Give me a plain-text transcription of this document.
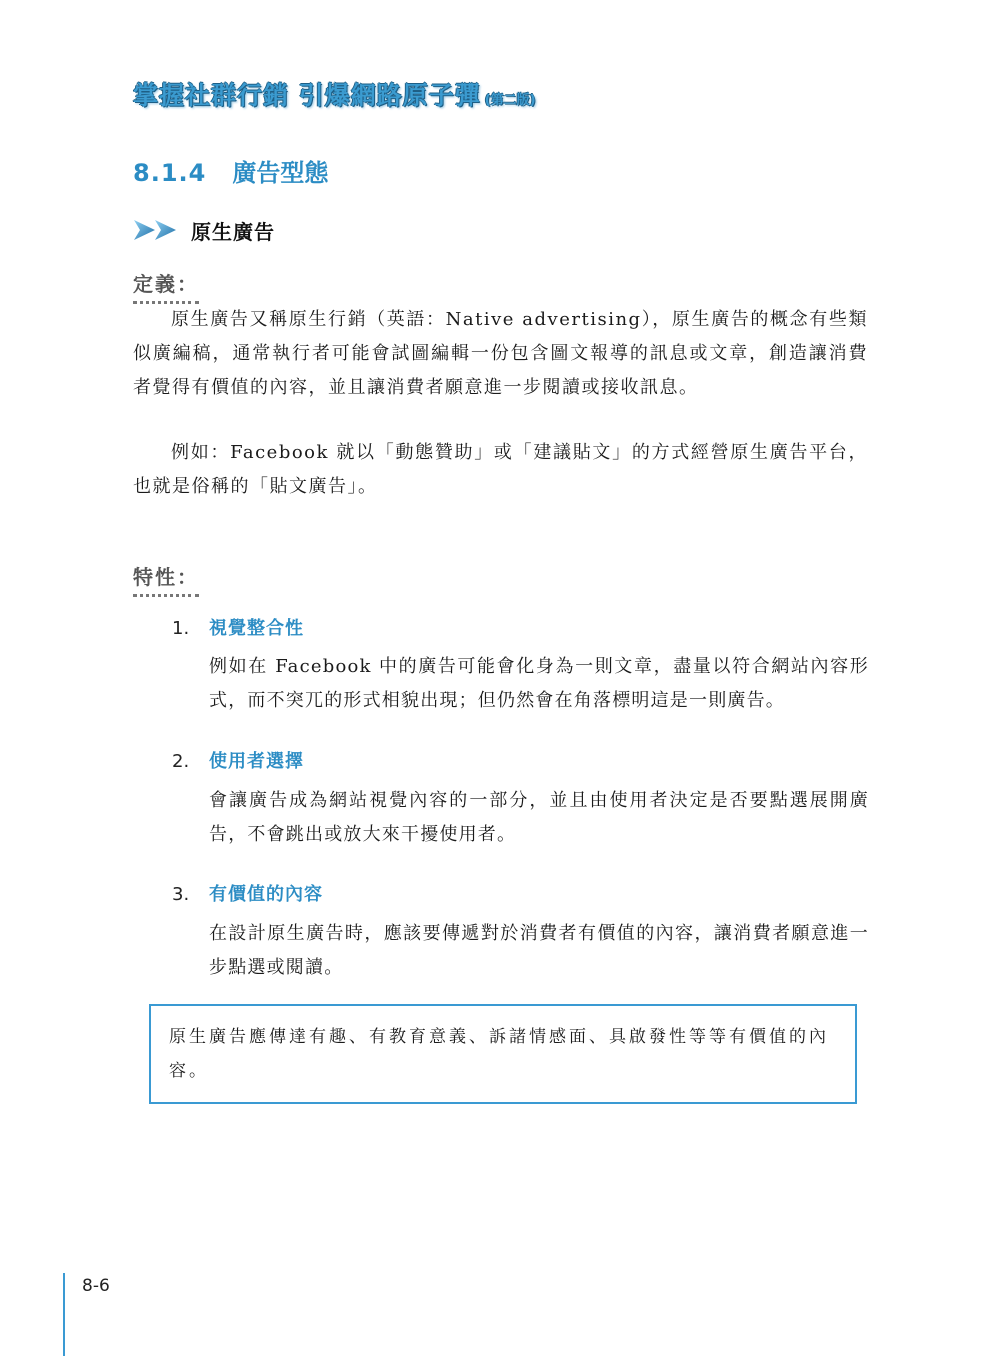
掌握社群行銷 引爆網路原子彈 (第二版)
8.1.4 廣告型態
原生廣告
定義：

原生廣告又稱原生行銷（英語：Native advertising），原生廣告的概念有些類似廣編稿，通常執行者可能會試圖編輯一份包含圖文報導的訊息或文章，創造讓消費者覺得有價值的內容，並且讓消費者願意進一步閱讀或接收訊息。

例如：Facebook 就以「動態贊助」或「建議貼文」的方式經營原生廣告平台，也就是俗稱的「貼文廣告」。

特性：
1. 視覺整合性

例如在 Facebook 中的廣告可能會化身為一則文章，盡量以符合網站內容形式，而不突兀的形式相貌出現；但仍然會在角落標明這是一則廣告。

2. 使用者選擇

會讓廣告成為網站視覺內容的一部分，並且由使用者決定是否要點選展開廣告，不會跳出或放大來干擾使用者。

3. 有價值的內容

在設計原生廣告時，應該要傳遞對於消費者有價值的內容，讓消費者願意進一步點選或閱讀。

原生廣告應傳達有趣、有教育意義、訴諸情感面、具啟發性等等有價值的內容。
8-6
